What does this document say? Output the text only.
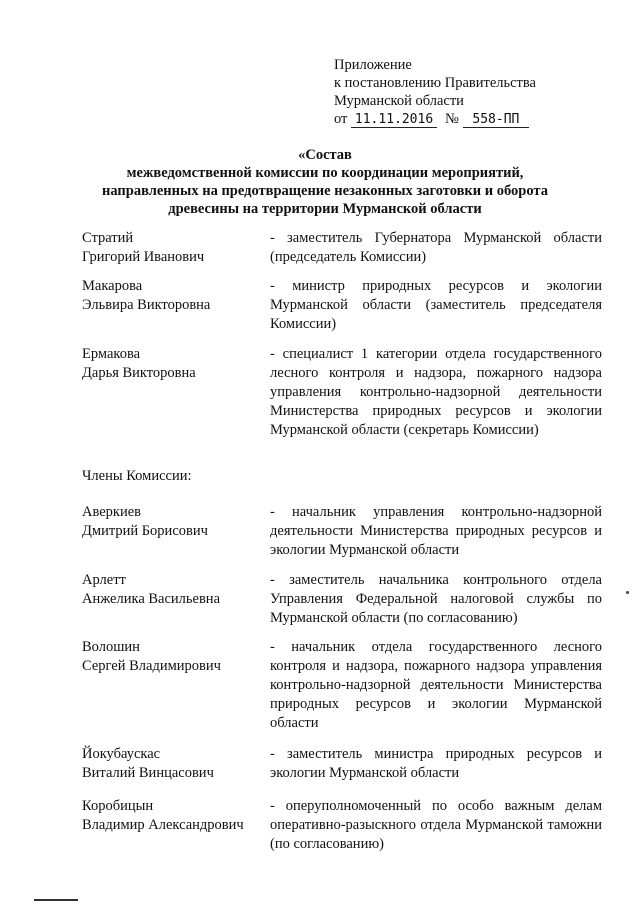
Приложение
к постановлению Правительства
Мурманской области
от 11.11.2016 № 558-ПП
«Состав
межведомственной комиссии по координации мероприятий,
направленных на предотвращение незаконных заготовки и оборота
древесины на территории Мурманской области
Стратий
Григорий Иванович
- заместитель Губернатора Мурманской области (председатель Комиссии)
Макарова
Эльвира Викторовна
- министр природных ресурсов и экологии Мурманской области (заместитель председателя Комиссии)
Ермакова
Дарья Викторовна
- специалист 1 категории отдела государственного лесного контроля и надзора, пожарного надзора управления контрольно-надзорной деятельности Министерства природных ресурсов и экологии Мурманской области (секретарь Комиссии)
Члены Комиссии:
Аверкиев
Дмитрий Борисович
- начальник управления контрольно-надзорной деятельности Министерства природных ресурсов и экологии Мурманской области
Арлетт
Анжелика Васильевна
- заместитель начальника контрольного отдела Управления Федеральной налоговой службы по Мурманской области (по согласованию)
Волошин
Сергей Владимирович
- начальник отдела государственного лесного контроля и надзора, пожарного надзора управления контрольно-надзорной деятельности Министерства природных ресурсов и экологии Мурманской области
Йокубаускас
Виталий Винцасович
- заместитель министра природных ресурсов и экологии Мурманской области
Коробицын
Владимир Александрович
- оперуполномоченный по особо важным делам оперативно-разыскного отдела Мурманской таможни (по согласованию)
